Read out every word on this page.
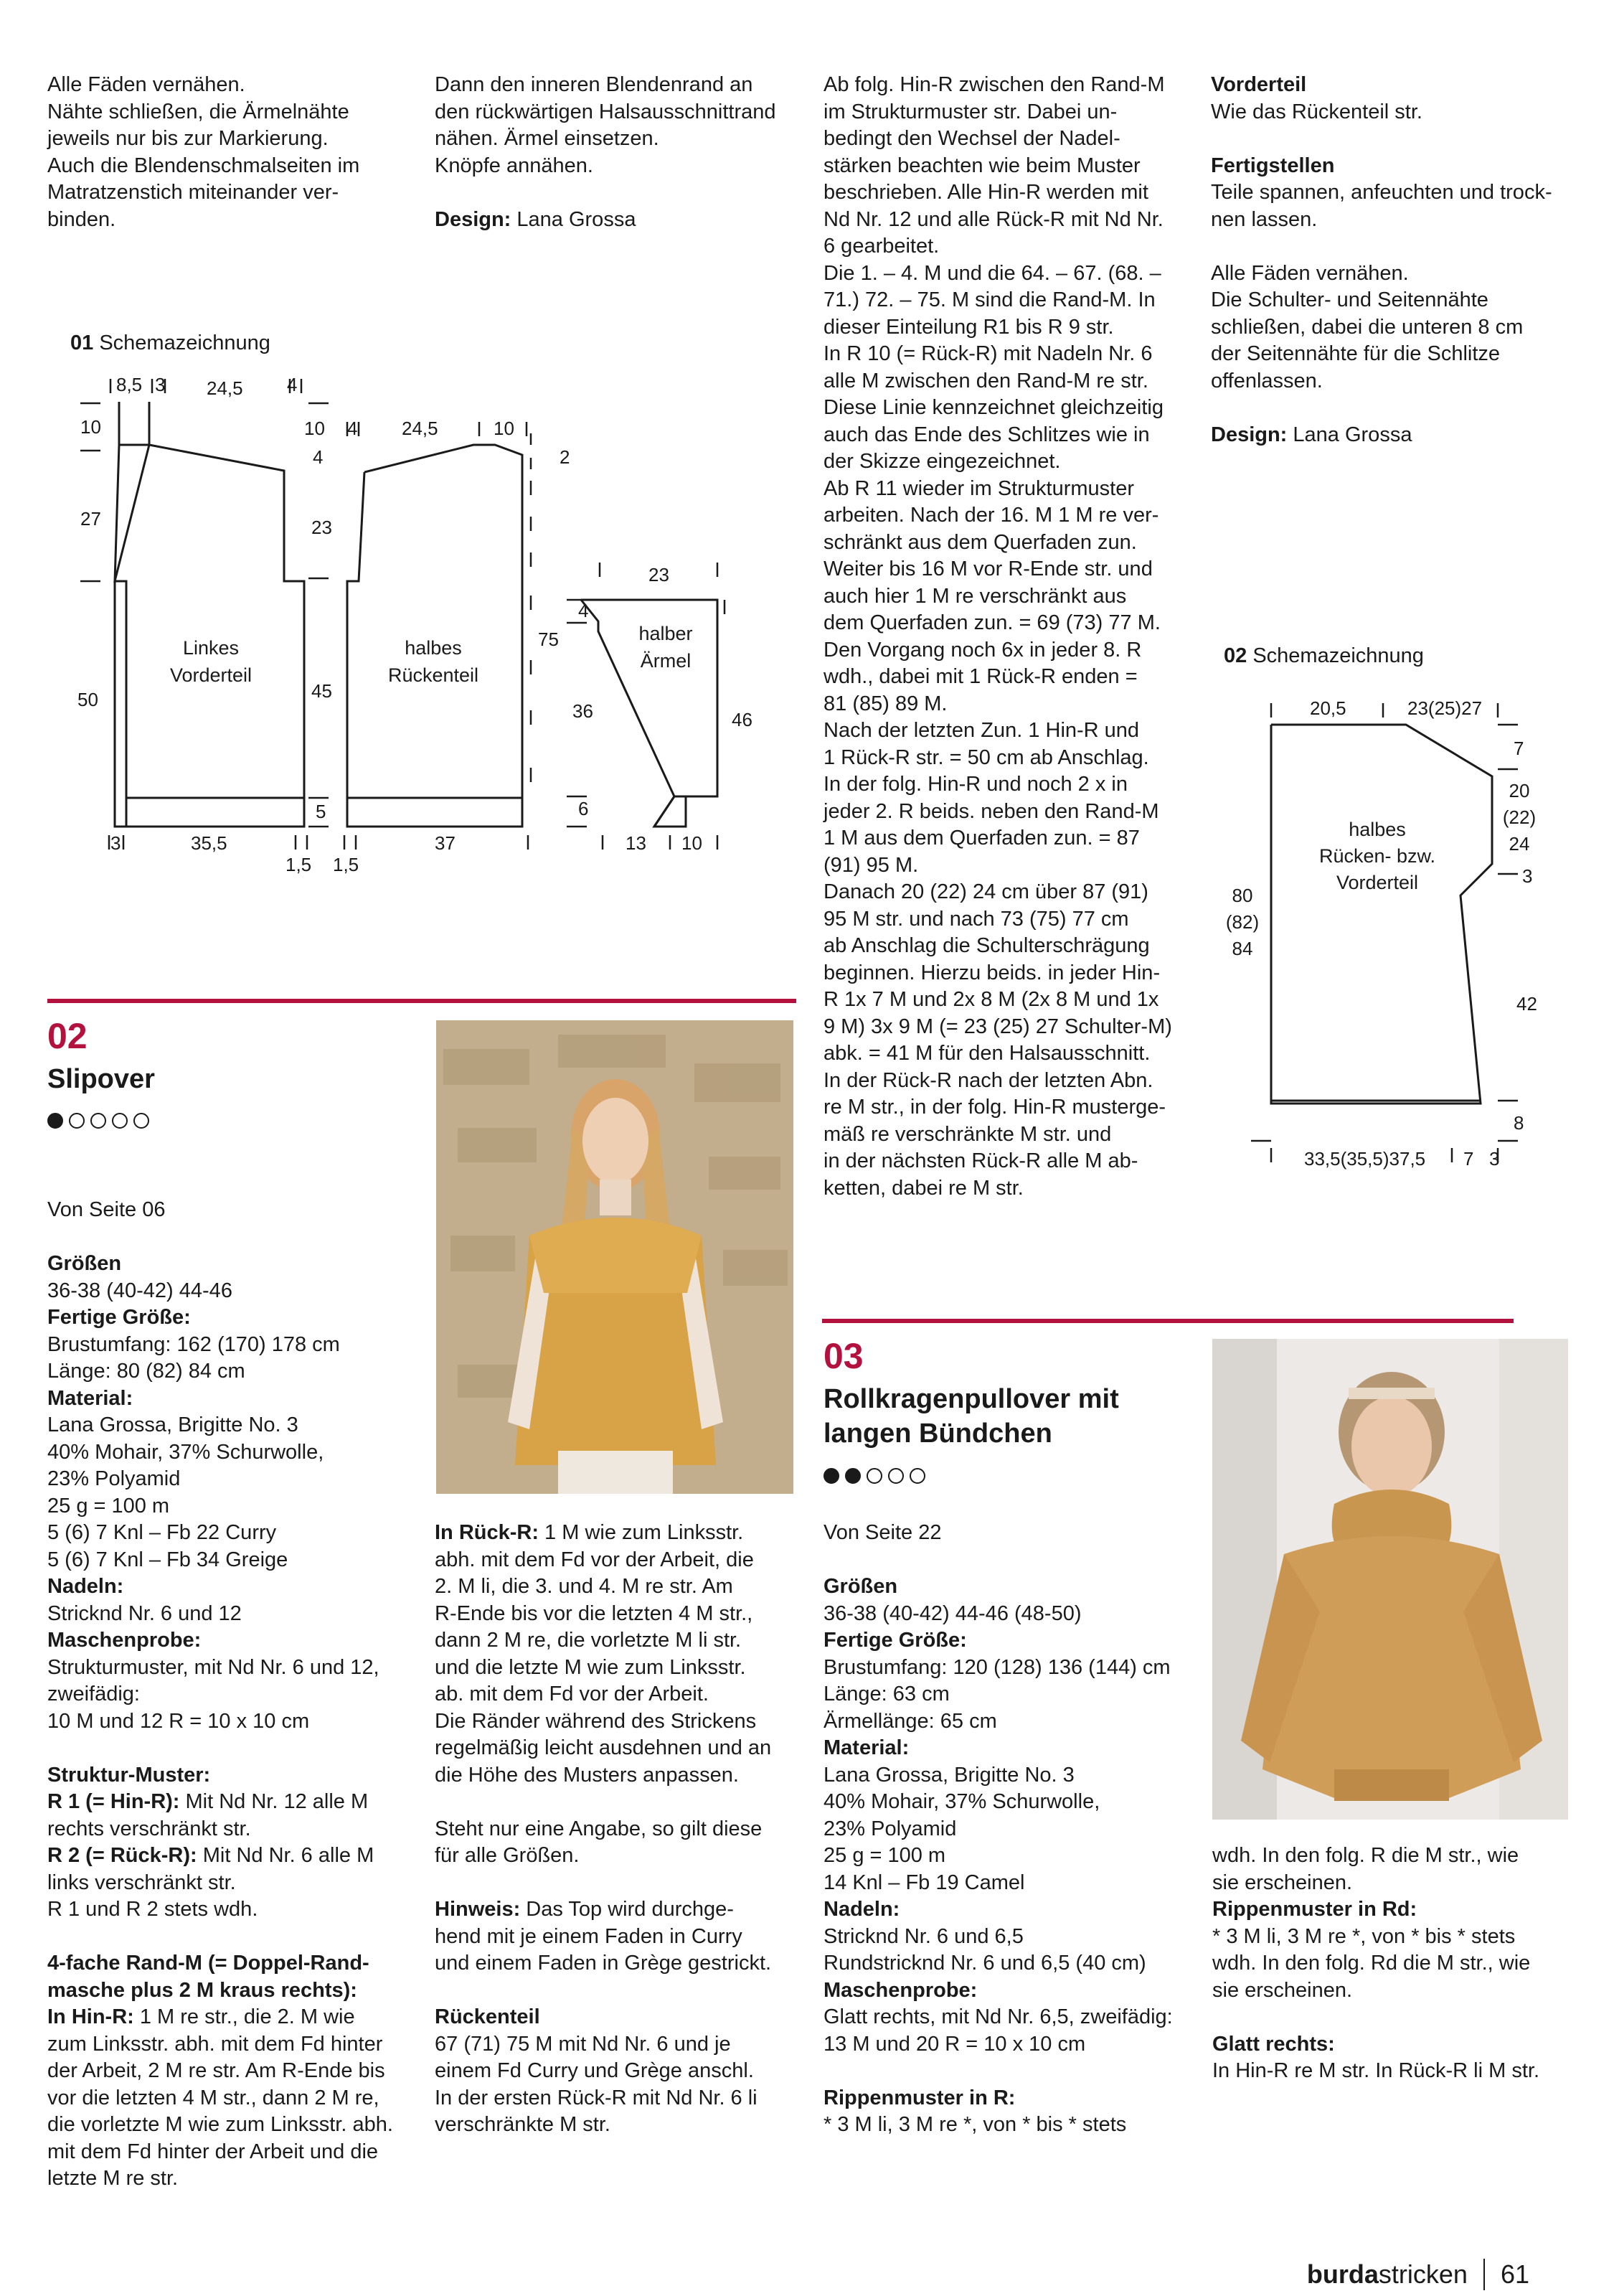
Alle Fäden vernähen.
Nähte schließen, die Ärmelnähte
jeweils nur bis zur Markierung.
Auch die Blendenschmalseiten im
Matratzenstich miteinander ver-
binden.

Dann den inneren Blendenrand an
den rückwärtigen Halsausschnittrand
nähen. Ärmel einsetzen.
Knöpfe annähen.

Design: Lana Grossa

Ab folg. Hin-R zwischen den Rand-M
im Strukturmuster str. Dabei un-
bedingt den Wechsel der Nadel-
stärken beachten wie beim Muster
beschrieben. Alle Hin-R werden mit
Nd Nr. 12 und alle Rück-R mit Nd Nr.
6 gearbeitet.
Die 1. – 4. M und die 64. – 67. (68. –
71.) 72. – 75. M sind die Rand-M. In
dieser Einteilung R1 bis R 9 str.
In R 10 (= Rück-R) mit Nadeln Nr. 6
alle M zwischen den Rand-M re str.
Diese Linie kennzeichnet gleichzeitig
auch das Ende des Schlitzes wie in
der Skizze eingezeichnet.
Ab R 11 wieder im Strukturmuster
arbeiten. Nach der 16. M 1 M re ver-
schränkt aus dem Querfaden zun.
Weiter bis 16 M vor R-Ende str. und
auch hier 1 M re verschränkt aus
dem Querfaden zun. = 69 (73) 77 M.
Den Vorgang noch 6x in jeder 8. R
wdh., dabei mit 1 Rück-R enden =
81 (85) 89 M.
Nach der letzten Zun. 1 Hin-R und
1 Rück-R str. = 50 cm ab Anschlag.
In der folg. Hin-R und noch 2 x in
jeder 2. R beids. neben den Rand-M
1 M aus dem Querfaden zun. = 87
(91) 95 M.
Danach 20 (22) 24 cm über 87 (91)
95 M str. und nach 73 (75) 77 cm
ab Anschlag die Schulterschrägung
beginnen. Hierzu beids. in jeder Hin-
R 1x 7 M und 2x 8 M (2x 8 M und 1x
9 M) 3x 9 M (= 23 (25) 27 Schulter-M)
abk. = 41 M für den Halsausschnitt.
In der Rück-R nach der letzten Abn.
re M str., in der folg. Hin-R musterge-
mäß re verschränkte M str. und
in der nächsten Rück-R alle M ab-
ketten, dabei re M str.

Vorderteil
Wie das Rückenteil str.

Fertigstellen
Teile spannen, anfeuchten und trock-
nen lassen.

Alle Fäden vernähen.
Die Schulter- und Seitennähte
schließen, dabei die unteren 8 cm
der Seitennähte für die Schlitze
offenlassen.

Design: Lana Grossa

01 Schemazeichnung
8,5 3 24,5 4
10
27
50
10
4
23
45
5
3	35,5
1,5 1,5
4 24,5	10
2
75
37
23
4
36	46
6
13 10
Linkes
Vorderteil
halbes
Rückenteil
halber
Ärmel	02 Schemazeichnung
20,5	23(25)27
7
3
42
8
33,5(35,5)37,5 7 3
20
(22)
24
80
(82)
84
halbes
Rücken- bzw.
Vorderteil
02
Slipover

Von Seite 06

Größen
36-38 (40-42) 44-46
Fertige Größe:
Brustumfang: 162 (170) 178 cm
Länge: 80 (82) 84 cm
Material:
Lana Grossa, Brigitte No. 3
40% Mohair, 37% Schurwolle,
23% Polyamid
25 g = 100 m
5 (6) 7 Knl – Fb 22 Curry
5 (6) 7 Knl – Fb 34 Greige
Nadeln:
Stricknd Nr. 6 und 12
Maschenprobe:
Strukturmuster, mit Nd Nr. 6 und 12,
zweifädig:
10 M und 12 R = 10 x 10 cm

Struktur-Muster:

R 1 (= Hin-R): Mit Nd Nr. 12 alle M
rechts verschränkt str.

R 2 (= Rück-R): Mit Nd Nr. 6 alle M
links verschränkt str.
R 1 und R 2 stets wdh.

4-fache Rand-M (= Doppel-Rand-
masche plus 2 M kraus rechts):

In Hin-R: 1 M re str., die 2. M wie
zum Linksstr. abh. mit dem Fd hinter
der Arbeit, 2 M re str. Am R-Ende bis
vor die letzten 4 M str., dann 2 M re,
die vorletzte M wie zum Linksstr. abh.
mit dem Fd hinter der Arbeit und die
letzte M re str.

In Rück-R: 1 M wie zum Linksstr.
abh. mit dem Fd vor der Arbeit, die
2. M li, die 3. und 4. M re str. Am
R-Ende bis vor die letzten 4 M str.,
dann 2 M re, die vorletzte M li str.
und die letzte M wie zum Linksstr.
ab. mit dem Fd vor der Arbeit.
Die Ränder während des Strickens
regelmäßig leicht ausdehnen und an
die Höhe des Musters anpassen.

Steht nur eine Angabe, so gilt diese
für alle Größen.

Hinweis: Das Top wird durchge-
hend mit je einem Faden in Curry
und einem Faden in Grège gestrickt.

Rückenteil
67 (71) 75 M mit Nd Nr. 6 und je
einem Fd Curry und Grège anschl.
In der ersten Rück-R mit Nd Nr. 6 li
verschränkte M str.

03
Rollkragenpullover mit
langen Bündchen

Von Seite 22

Größen
36-38 (40-42) 44-46 (48-50)
Fertige Größe:
Brustumfang: 120 (128) 136 (144) cm
Länge: 63 cm
Ärmellänge: 65 cm
Material:
Lana Grossa, Brigitte No. 3
40% Mohair, 37% Schurwolle,
23% Polyamid
25 g = 100 m
14 Knl – Fb 19 Camel
Nadeln:
Stricknd Nr. 6 und 6,5
Rundstricknd Nr. 6 und 6,5 (40 cm)
Maschenprobe:
Glatt rechts, mit Nd Nr. 6,5, zweifädig:
13 M und 20 R = 10 x 10 cm

Rippenmuster in R:
* 3 M li, 3 M re *, von * bis * stets

wdh. In den folg. R die M str., wie
sie erscheinen.

Rippenmuster in Rd:
* 3 M li, 3 M re *, von * bis * stets
wdh. In den folg. Rd die M str., wie
sie erscheinen.

Glatt rechts:
In Hin-R re M str. In Rück-R li M str.

burdastricken 61
